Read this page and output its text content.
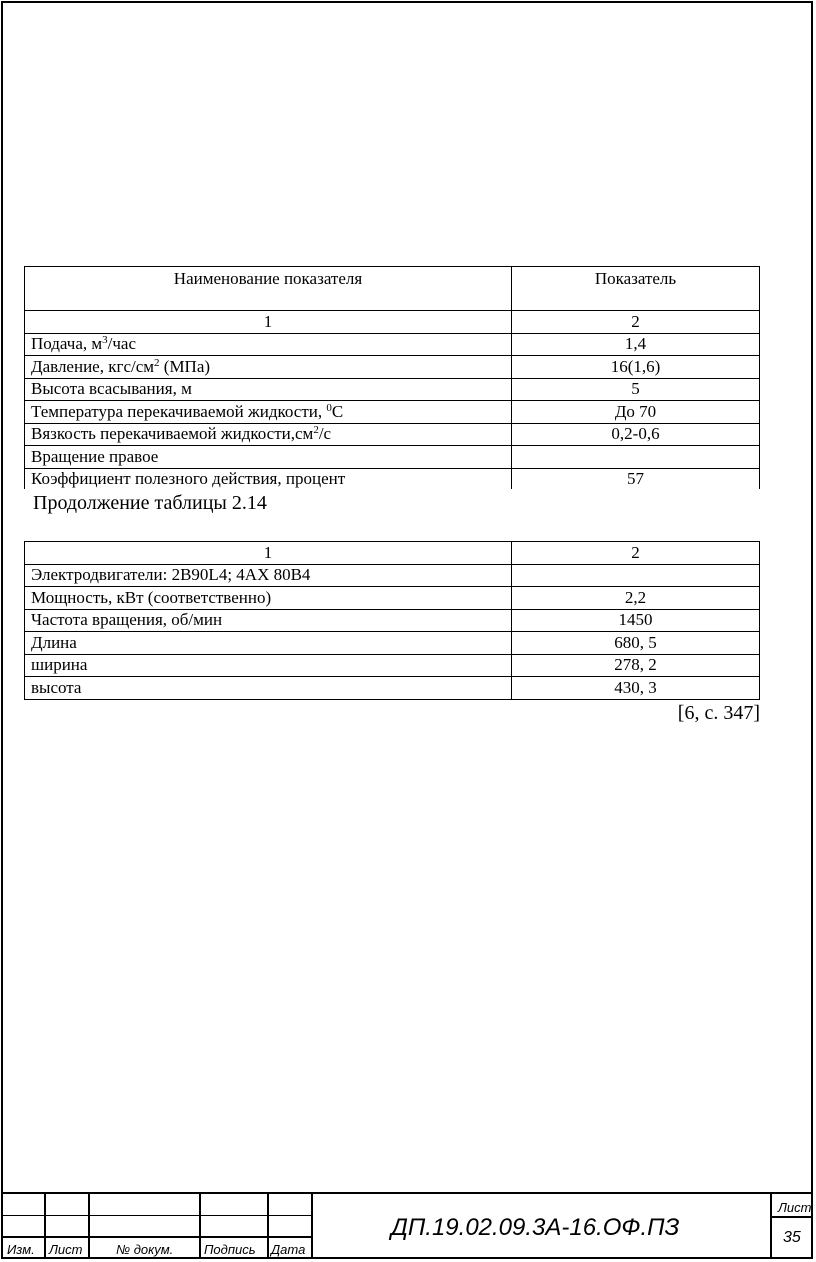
Наименование показателя	Показатель
1	2
Подача, $м^3$/час	1,4
Давление, кгс/$см^2$ (МПа)	16(1,6)
Высота всасывания, м	5
Температура перекачиваемой жидкости, $^0$С	До 70
Вязкость перекачиваемой $жидкости,см^2/с$	0,2-0,6
Вращение правое	
Коэффициент полезного действия, процент	57
Продолжение таблицы 2.14
1	2
Электродвигатели: 2В90L4; 4АХ 80В4	
Мощность, кВт (соответственно)	2,2
Частота вращения, об/мин	1450
Длина	680, 5
ширина	278, 2
высота	430, 3
[6, с. 347]
Изм. Лист	№ докум. Подпись Дата
ДП.19.02.09.3А-16.ОФ.ПЗ
Лист
35
